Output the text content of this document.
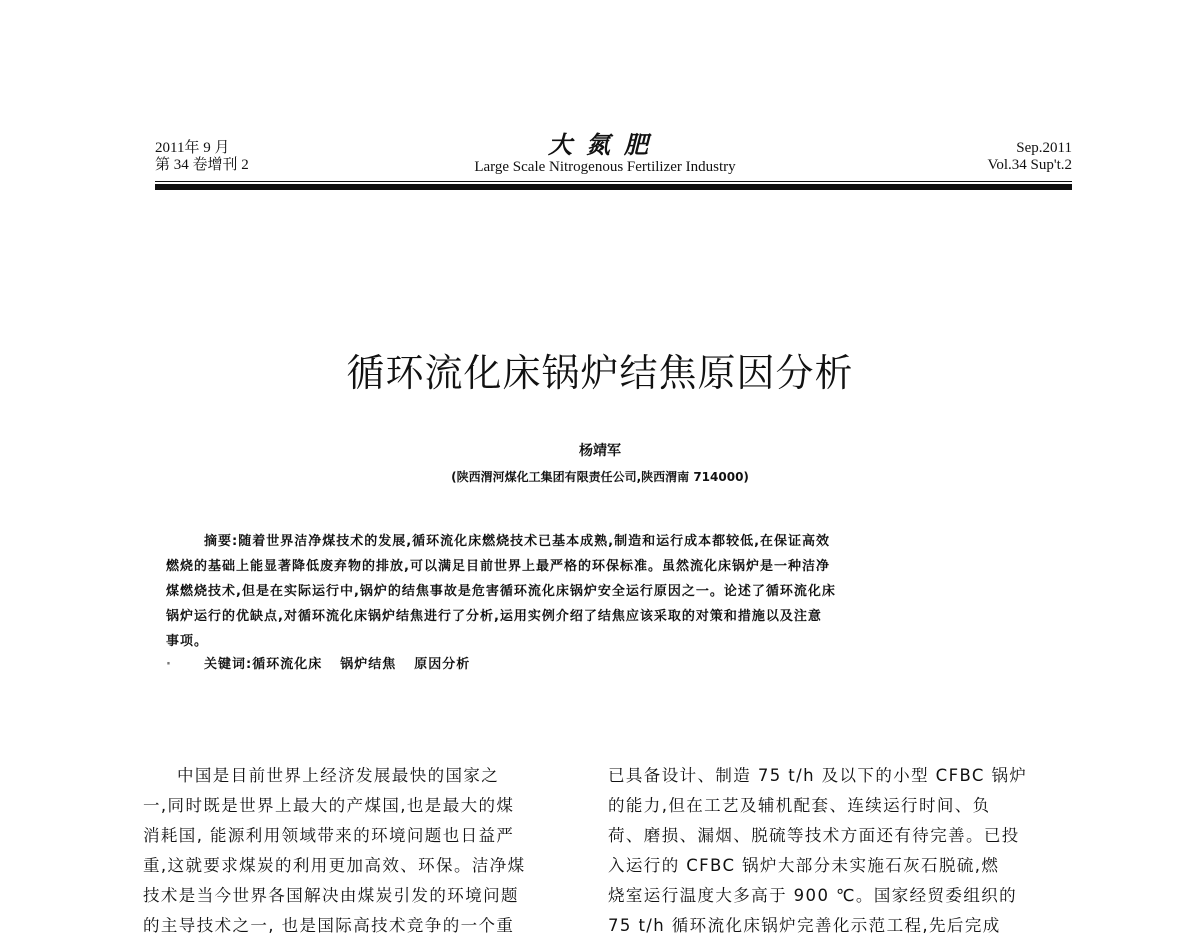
2011年 9 月
第 34 卷增刊 2
大氮肥
Large Scale Nitrogenous Fertilizer Industry
Sep.2011
Vol.34 Sup't.2
循环流化床锅炉结焦原因分析
杨靖军
(陕西渭河煤化工集团有限责任公司,陕西渭南 714000)
摘要:随着世界洁净煤技术的发展,循环流化床燃烧技术已基本成熟,制造和运行成本都较低,在保证高效
燃烧的基础上能显著降低废弃物的排放,可以满足目前世界上最严格的环保标准。虽然流化床锅炉是一种洁净
煤燃烧技术,但是在实际运行中,锅炉的结焦事故是危害循环流化床锅炉安全运行原因之一。论述了循环流化床
锅炉运行的优缺点,对循环流化床锅炉结焦进行了分析,运用实例介绍了结焦应该采取的对策和措施以及注意
事项。
· 关键词:循环流化床 锅炉结焦 原因分析
中国是目前世界上经济发展最快的国家之
一,同时既是世界上最大的产煤国,也是最大的煤
消耗国, 能源利用领域带来的环境问题也日益严
重,这就要求煤炭的利用更加高效、环保。洁净煤
技术是当今世界各国解决由煤炭引发的环境问题
的主导技术之一, 也是国际高技术竞争的一个重
已具备设计、制造 75 t/h 及以下的小型 CFBC 锅炉
的能力,但在工艺及辅机配套、连续运行时间、负
荷、磨损、漏烟、脱硫等技术方面还有待完善。已投
入运行的 CFBC 锅炉大部分未实施石灰石脱硫,燃
烧室运行温度大多高于 900 ℃。国家经贸委组织的
75 t/h 循环流化床锅炉完善化示范工程,先后完成
